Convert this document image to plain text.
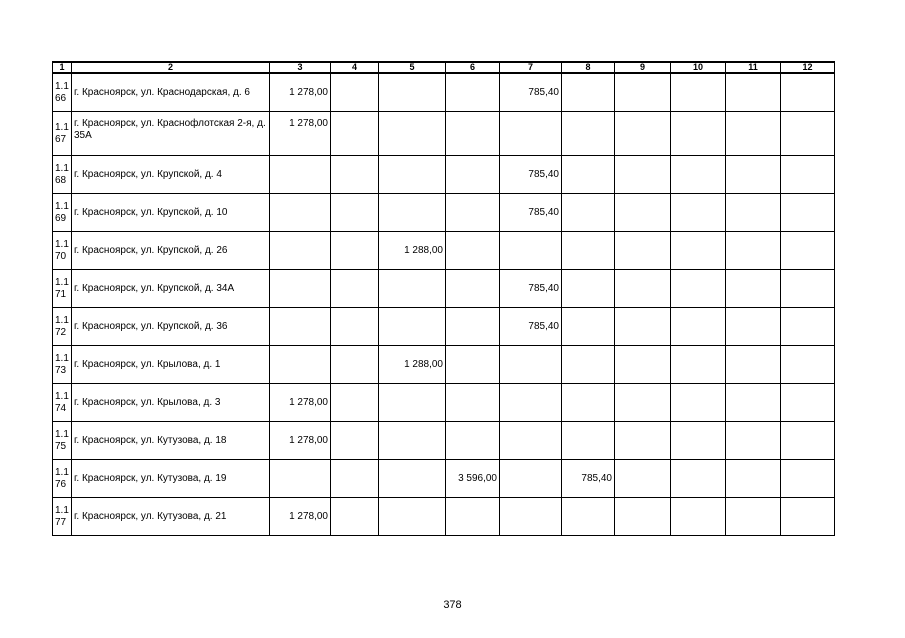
1	2	3	4	5	6	7	8	9	10	11	12
1.1 66	г. Красноярск, ул. Краснодарская, д. 6	1 278,00				785,40					
1.1 67	г. Красноярск, ул. Краснофлотская 2-я, д. 35А	1 278,00									
1.1 68	г. Красноярск, ул. Крупской, д. 4					785,40					
1.1 69	г. Красноярск, ул. Крупской, д. 10					785,40					
1.1 70	г. Красноярск, ул. Крупской, д. 26			1 288,00							
1.1 71	г. Красноярск, ул. Крупской, д. 34А					785,40					
1.1 72	г. Красноярск, ул. Крупской, д. 36					785,40					
1.1 73	г. Красноярск, ул. Крылова, д. 1			1 288,00							
1.1 74	г. Красноярск, ул. Крылова, д. 3	1 278,00									
1.1 75	г. Красноярск, ул. Кутузова, д. 18	1 278,00									
1.1 76	г. Красноярск, ул. Кутузова, д. 19				3 596,00		785,40				
1.1 77	г. Красноярск, ул. Кутузова, д. 21	1 278,00									
378
